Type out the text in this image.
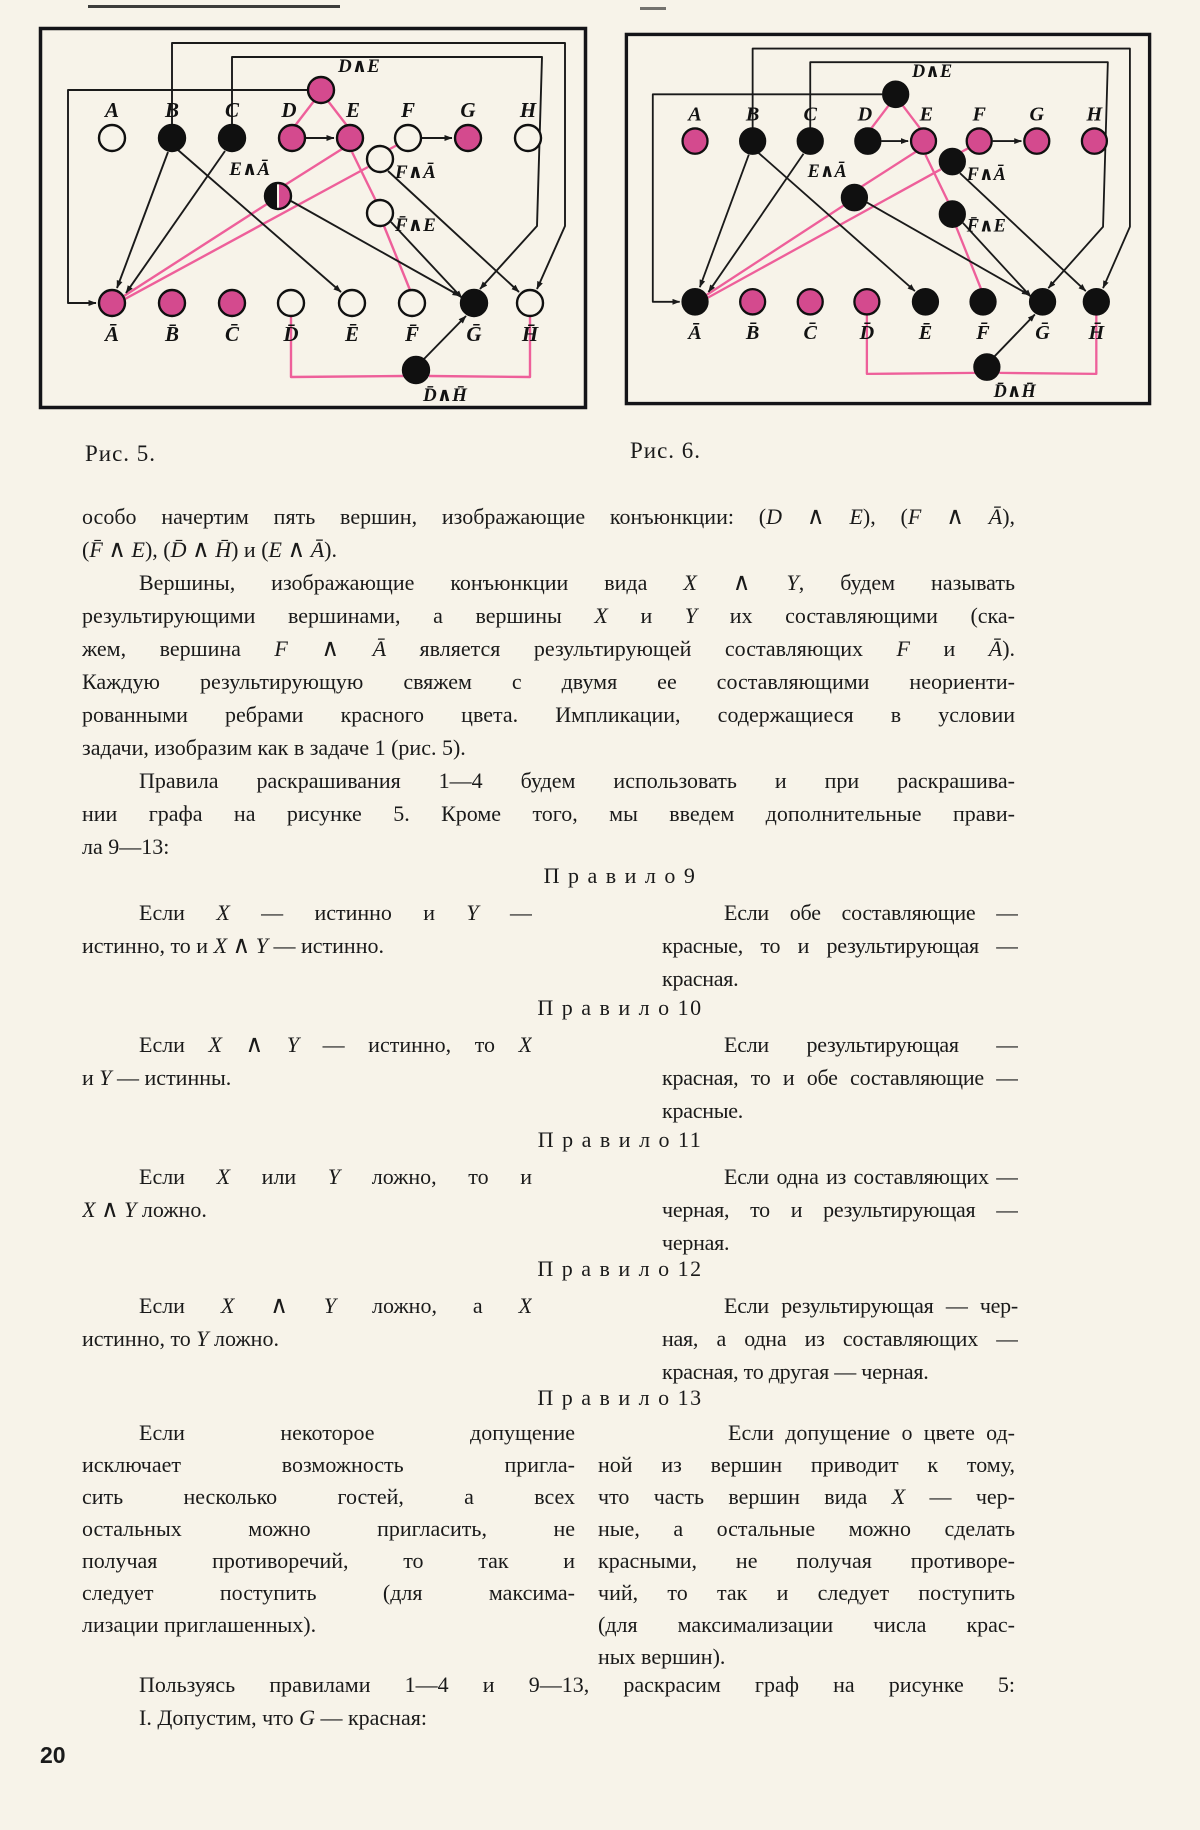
A B C D E F G H
D∧E
E∧Ā	F∧Ā
F̄∧E
Ā B̄ C̄ D̄ Ē F̄ Ḡ H̄
D̄∧H̄
A B C D E F G H
D∧E
E∧Ā	F∧Ā
F̄∧E
Ā B̄ C̄ D̄ Ē F̄ Ḡ H̄
D̄∧H̄
Рис. 5.	Рис. 6.
особо начертим пять вершин, изображающие конъюнкции: (D ∧ E), (F ∧ Ā),
(F̄ ∧ E), (D̄ ∧ H̄) и (E ∧ Ā).
Вершины, изображающие конъюнкции вида X ∧ Y, будем называть
результирующими вершинами, а вершины X и Y их составляющими (ска-
жем, вершина F ∧ Ā является результирующей составляющих F и Ā).
Каждую результирующую свяжем с двумя ее составляющими неориенти-
рованными ребрами красного цвета. Импликации, содержащиеся в условии
задачи, изобразим как в задаче 1 (рис. 5).
Правила раскрашивания 1—4 будем использовать и при раскрашива-
нии графа на рисунке 5. Кроме того, мы введем дополнительные прави-
ла 9—13:
П р а в и л о 9
Если X — истинно и Y —
истинно, то и X ∧ Y — истинно.
Если обе составляющие —
красные, то и результирующая —
красная.
П р а в и л о 10
Если X ∧ Y — истинно, то X
и Y — истинны.
Если результирующая —
красная, то и обе составляющие —
красные.
П р а в и л о 11
Если X или Y ложно, то и
X ∧ Y ложно.
Если одна из составляющих —
черная, то и результирующая —
черная.
П р а в и л о 12
Если X ∧ Y ложно, а X
истинно, то Y ложно.
Если результирующая — чер-
ная, а одна из составляющих —
красная, то другая — черная.
П р а в и л о 13
Если некоторое допущение
исключает возможность пригла-
сить несколько гостей, а всех
остальных можно пригласить, не
получая противоречий, то так и
следует поступить (для максима-
лизации приглашенных).
Если допущение о цвете од-
ной из вершин приводит к тому,
что часть вершин вида X — чер-
ные, а остальные можно сделать
красными, не получая противоре-
чий, то так и следует поступить
(для максимализации числа крас-
ных вершин).
Пользуясь правилами 1—4 и 9—13, раскрасим граф на рисунке 5:
I. Допустим, что G — красная:
20
